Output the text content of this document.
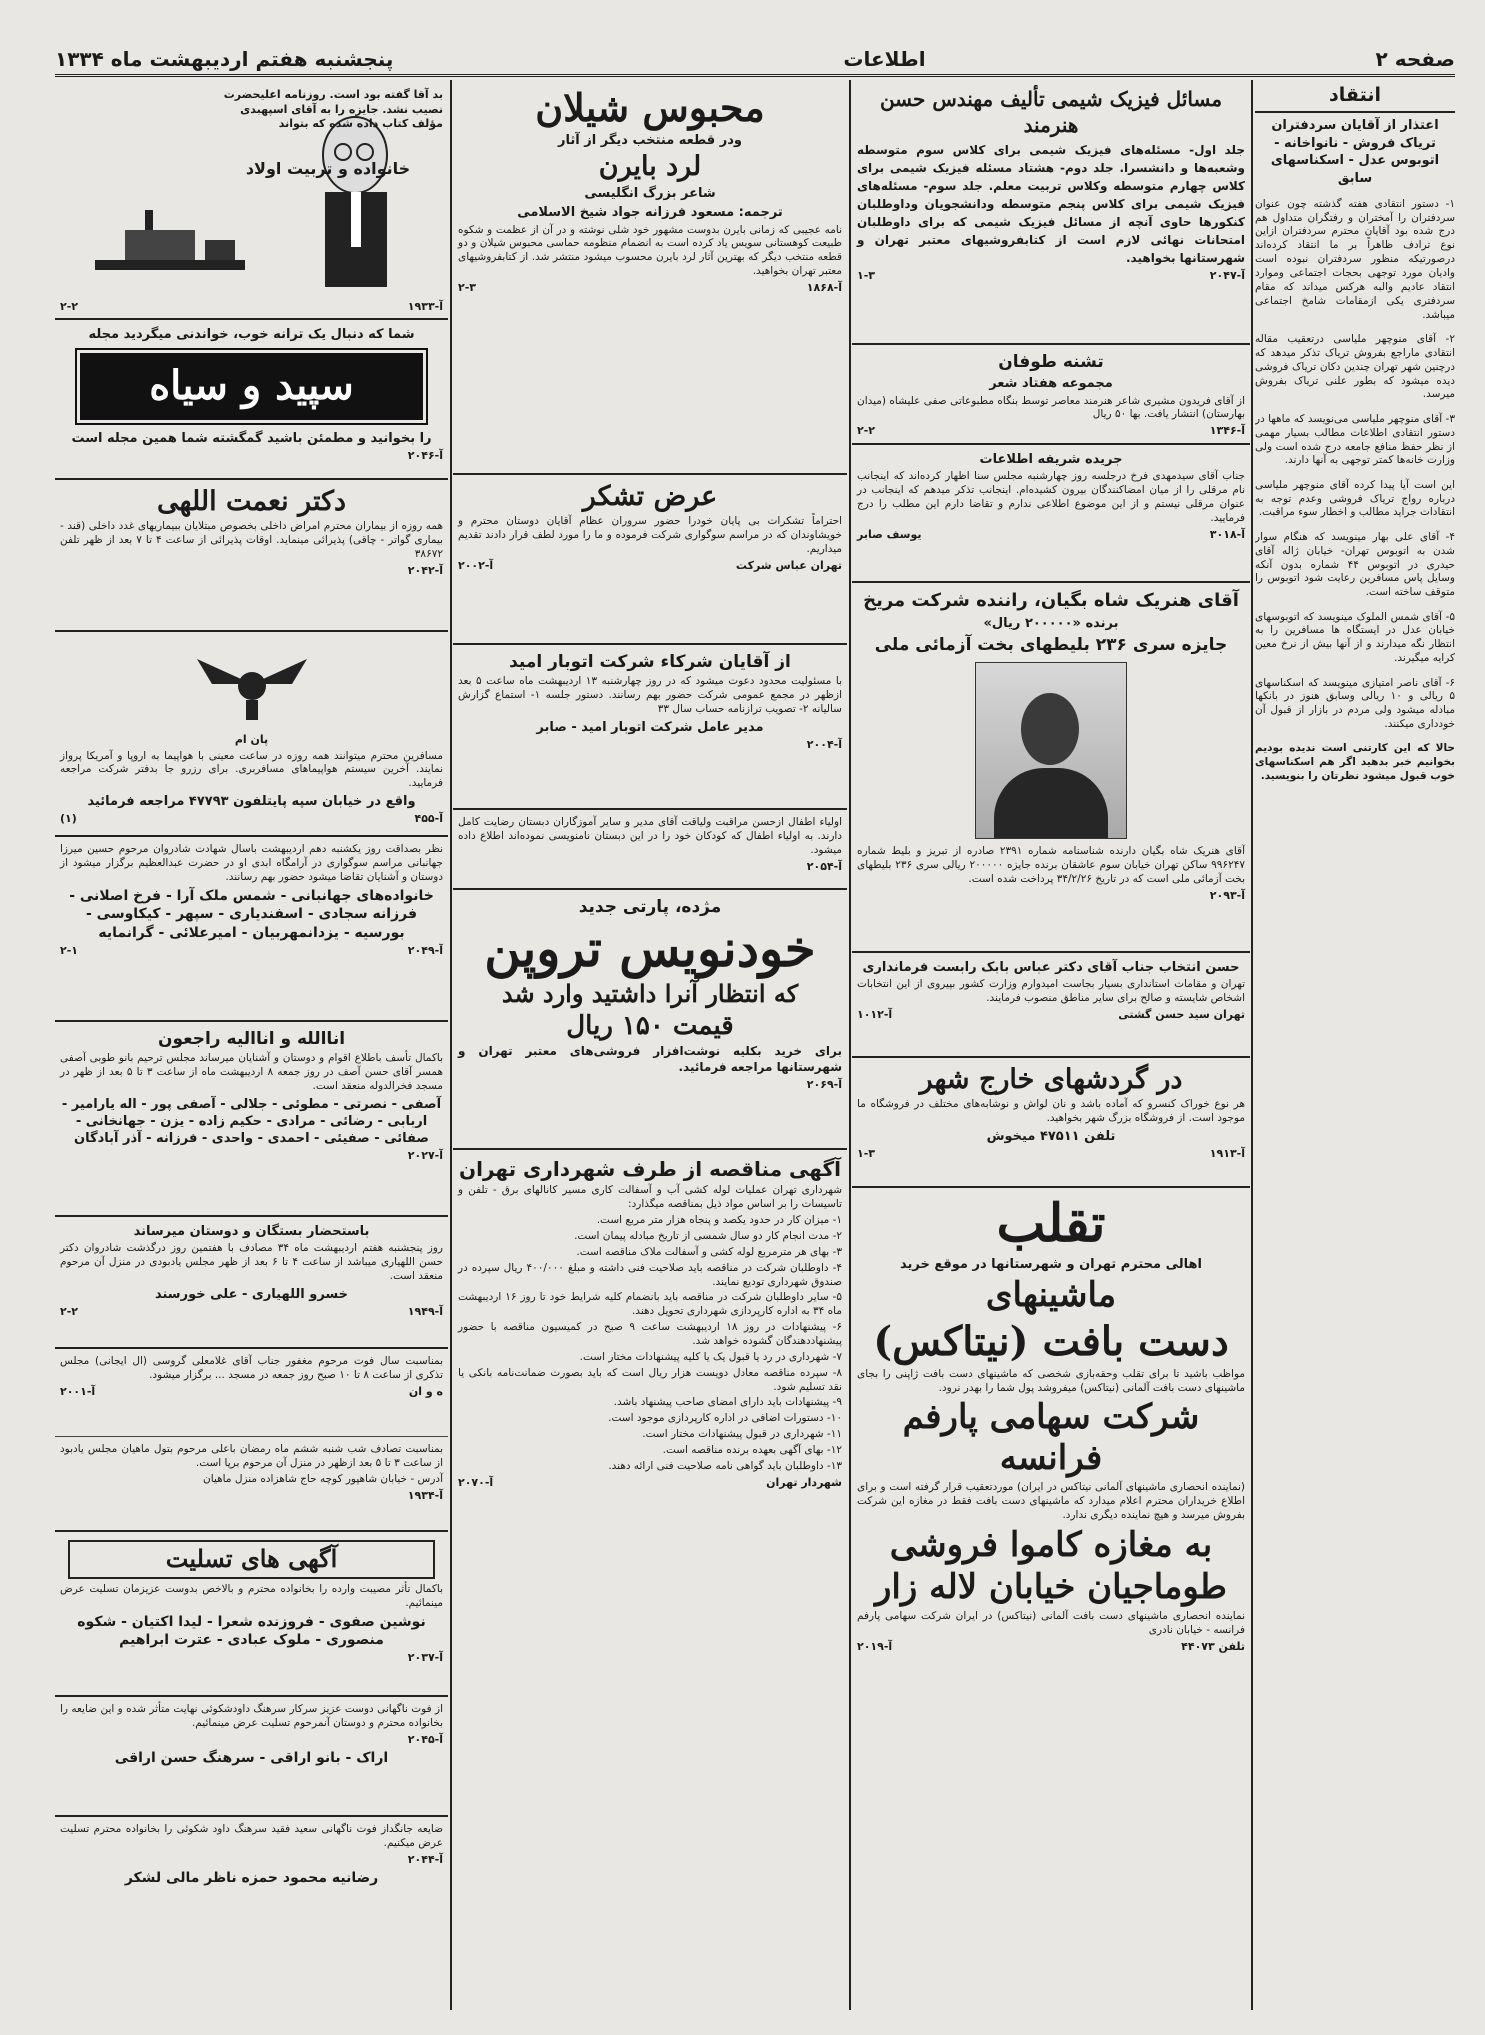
صفحه ۲
اطلاعات
پنجشنبه هفتم اردیبهشت ماه ۱۳۳۴
انتقاد
اعتذار از آقایان سردفتران تریاک فروش - نانواخانه - اتوبوس عدل - اسکناسهای سابق

۱- دستور انتقادی هفته گذشته چون عنوان سردفتران را آمختران و رفتگران متداول هم درج شده بود آقایان محترم سردفتران ازاین نوع ترادف ظاهراً بر ما انتقاد کرده‌اند درصورتیکه منظور سردفتران نبوده است وادیان مورد توجهی بحجات اجتماعی وموارد انتقاد عادیم والبه هرکس میداند که مقام سردفتری یکی ازمقامات شامخ اجتماعی میباشد.

۲- آقای منوچهر ملیاسی درتعقیب مقاله انتقادی ماراجع بفروش تریاک تذکر میدهد که درچنین شهر تهران چندین دکان تریاک فروشی دیده میشود که بطور علنی تریاک بفروش میرسد.

۳- آقای منوچهر ملیاسی می‌نویسد که ماهها در دستور انتقادی اطلاعات مطالب بسیار مهمی از نظر حفظ منافع جامعه درج شده است ولی وزارت خانه‌ها کمتر توجهی به آنها دارند.

این است آیا پیدا کرده آقای منوچهر ملیاسی درباره رواج تریاک فروشی وعدم توجه به انتقادات جراید مطالب و اخطار سوء مراقبت.

۴- آقای علی بهار مینویسد که هنگام سوار شدن به اتوبوس تهران- خیابان ژاله آقای حیدری در اتوبوس ۴۴ شماره بدون آنکه وسایل پاس مسافرین رعایت شود اتوبوس را متوقف ساخته است.

۵- آقای شمس الملوک مینویسد که اتوبوسهای خیابان عدل در ایستگاه ها مسافرین را به انتظار نگه میدارند و از آنها بیش از نرخ معین کرایه میگیرند.

۶- آقای ناصر امتیازی مینویسد که اسکناسهای ۵ ریالی و ۱۰ ریالی وسابق هنوز در بانکها مبادله میشود ولی مردم در بازار از قبول آن خودداری میکنند.

حالا که این کارتنی است ندیده بودیم بخوانیم خبر بدهید اگر هم اسکناسهای خوب قبول میشود نظرتان را بنویسید.

مسائل فیزیک شیمی تألیف مهندس حسن هنرمند

جلد اول- مسئله‌های فیزیک شیمی برای کلاس سوم متوسطه وشعبه‌ها و دانشسرا. جلد دوم- هشتاد مسئله فیزیک شیمی برای کلاس چهارم متوسطه وکلاس تربیت معلم. جلد سوم- مسئله‌های فیزیک شیمی برای کلاس پنجم متوسطه ودانشجویان وداوطلبان کنکورها حاوی آنچه از مسائل فیزیک شیمی که برای داوطلبان امتحانات نهائی لازم است از کتابفروشیهای معتبر تهران و شهرستانها بخواهید.

۱-۳	آ-۲۰۴۷
تشنه طوفان
مجموعه هفتاد شعر

از آقای فریدون مشیری شاعر هنرمند معاصر توسط بنگاه مطبوعاتی صفی علیشاه (میدان بهارستان) انتشار یافت. بها ۵۰ ریال

۲-۲	آ-۱۳۴۶
جریده شریفه اطلاعات

جناب آقای سیدمهدی فرخ درجلسه روز چهارشنبه مجلس سنا اظهار کرده‌اند که اینجانب نام مرقلی را از میان امضاکنندگان بیرون کشیده‌ام. اینجانب تذکر میدهم که اینجانب در عنوان مرقلی نیستم و از این موضوع اطلاعی ندارم و تقاضا دارم این مطلب را درج فرمایید.

یوسف صابر	آ-۳۰۱۸
آقای هنریک شاه بگیان، راننده شرکت مریخ
برنده «۲۰۰۰۰۰ ریال»
جایزه سری ۲۳۶ بلیطهای بخت آزمائی ملی

آقای هنریک شاه بگیان دارنده شناسنامه شماره ۲۳۹۱ صادره از تبریز و بلیط شماره ۹۹۶۲۴۷ ساکن تهران خیابان سوم عاشقان برنده جایزه ۲۰۰۰۰۰ ریالی سری ۲۳۶ بلیطهای بخت آزمائی ملی است که در تاریخ ۳۴/۲/۲۶ پرداخت شده است.

آ-۲۰۹۳
حسن انتخاب جناب آقای دکتر عباس بابک رابست فرمانداری

تهران و مقامات استانداری بسیار بجاست امیدوارم وزارت کشور بپیروی از این انتخابات اشخاص شایسته و صالح برای سایر مناطق منصوب فرمایند.

آ-۱۰۱۲	تهران سید حسن گشتی
در گردشهای خارج شهر

هر نوع خوراک کنسرو که آماده باشد و نان لواش و نوشابه‌های مختلف در فروشگاه ما موجود است. از فروشگاه بزرگ شهر بخواهید.

تلفن ۴۷۵۱۱ میخوش
۱-۳	آ-۱۹۱۳
تقلب
اهالی محترم تهران و شهرستانها در موقع خرید
ماشینهای
دست بافت (نیتاکس)

مواظب باشید تا برای تقلب وحقه‌بازی شخصی که ماشینهای دست بافت ژاپنی را بجای ماشینهای دست بافت آلمانی (نیتاکس) میفروشد پول شما را بهدر نرود.

شرکت سهامی پارفم فرانسه

(نماینده انحصاری ماشینهای آلمانی نیتاکس در ایران) موردتعقیب قرار گرفته است و برای اطلاع خریداران محترم اعلام میدارد که ماشینهای دست بافت فقط در مغازه این شرکت بفروش میرسد و هیچ نماینده دیگری ندارد.

به مغازه کاموا فروشی
طوماجیان خیابان لاله زار

نماینده انحصاری ماشینهای دست بافت آلمانی (نیتاکس) در ایران شرکت سهامی پارفم فرانسه - خیابان نادری

آ-۲۰۱۹	تلفن ۴۴۰۷۳
محبوس شیلان
ودر قطعه منتخب دیگر از آثار
لرد بایرن
شاعر بزرگ انگلیسی
ترجمه: مسعود فرزانه جواد شیخ الاسلامی

نامه عجیبی که زمانی بایرن بدوست مشهور خود شلی نوشته و در آن از عظمت و شکوه طبیعت کوهستانی سویس یاد کرده است به انضمام منظومه حماسی محبوس شیلان و دو قطعه منتخب دیگر که بهترین آثار لرد بایرن محسوب میشود منتشر شد. از کتابفروشیهای معتبر تهران بخواهید.

۲-۳	آ-۱۸۶۸
عرض تشکر

احتراماً تشکرات بی پایان خودرا حضور سروران عظام آقایان دوستان محترم و خویشاوندان که در مراسم سوگواری شرکت فرموده و ما را مورد لطف قرار دادند تقدیم میداریم.

آ-۲۰۰۲	تهران عباس شرکت
از آقایان شرکاء شرکت اتوبار امید

با مسئولیت محدود دعوت میشود که در روز چهارشنبه ۱۳ اردیبهشت ماه ساعت ۵ بعد ازظهر در مجمع عمومی شرکت حضور بهم رسانند. دستور جلسه ۱- استماع گزارش سالیانه ۲- تصویب ترازنامه حساب سال ۳۳

مدیر عامل شرکت اتوبار امید - صابر
آ-۲۰۰۴

اولیاء اطفال ازحسن مراقبت ولیاقت آقای مدیر و سایر آموزگاران دبستان رضایت کامل دارند. به اولیاء اطفال که کودکان خود را در این دبستان نامنویسی نموده‌اند اطلاع داده میشود.

آ-۲۰۵۴
مژده، پارتی جدید
خودنویس تروپن
که انتظار آنرا داشتید وارد شد
قیمت ۱۵۰ ریال

برای خرید بکلیه نوشت‌افزار فروشی‌های معتبر تهران و شهرستانها مراجعه فرمائید.

آ-۲۰۶۹
آگهی مناقصه از طرف شهرداری تهران

شهرداری تهران عملیات لوله کشی آب و آسفالت کاری مسیر کانالهای برق - تلفن و تاسیسات را بر اساس مواد ذیل بمناقصه میگذارد:

۱- میزان کار در حدود یکصد و پنجاه هزار متر مربع است.

۲- مدت انجام کار دو سال شمسی از تاریخ مبادله پیمان است.

۳- بهای هر مترمربع لوله کشی و آسفالت ملاک مناقصه است.

۴- داوطلبان شرکت در مناقصه باید صلاحیت فنی داشته و مبلغ ۴۰۰/۰۰۰ ریال سپرده در صندوق شهرداری تودیع نمایند.

۵- سایر داوطلبان شرکت در مناقصه باید بانضمام کلیه شرایط خود تا روز ۱۶ اردیبهشت ماه ۳۴ به اداره کارپردازی شهرداری تحویل دهند.

۶- پیشنهادات در روز ۱۸ اردیبهشت ساعت ۹ صبح در کمیسیون مناقصه با حضور پیشنهاددهندگان گشوده خواهد شد.

۷- شهرداری در رد یا قبول یک یا کلیه پیشنهادات مختار است.

۸- سپرده مناقصه معادل دویست هزار ریال است که باید بصورت ضمانت‌نامه بانکی یا نقد تسلیم شود.

۹- پیشنهادات باید دارای امضای صاحب پیشنهاد باشد.

۱۰- دستورات اضافی در اداره کارپردازی موجود است.

۱۱- شهرداری در قبول پیشنهادات مختار است.

۱۲- بهای آگهی بعهده برنده مناقصه است.

۱۳- داوطلبان باید گواهی نامه صلاحیت فنی ارائه دهند.

آ-۲۰۷۰	شهردار تهران
بد آقا گفته بود است. روزنامه اعلیحضرت نصیب نشد. جایزه را به آقای اسپهبدی مؤلف کتاب داده شده که بتواند
خانواده و تربیت اولاد
۲-۲	آ-۱۹۳۳
شما که دنبال یک ترانه خوب، خواندنی میگردید مجله
سپید و سیاه
را بخوانید و مطمئن باشید گمگشته شما همین مجله است
آ-۲۰۴۶
دکتر نعمت اللهی

همه روزه از بیماران محترم امراض داخلی بخصوص مبتلایان ببیماریهای غدد داخلی (قند - بیماری گواتر - چاقی) پذیرائی مینماید. اوقات پذیرائی از ساعت ۴ تا ۷ بعد از ظهر تلفن ۳۸۶۷۲

آ-۲۰۴۲
پان ام

مسافرین محترم میتوانند همه روزه در ساعت معینی با هواپیما به اروپا و آمریکا پرواز نمایند. آخرین سیستم هواپیماهای مسافربری. برای رزرو جا بدفتر شرکت مراجعه فرمایید.

واقع در خیابان سپه پایتلفون ۴۷۷۹۳ مراجعه فرمائید
(۱)	آ-۴۵۵

نظر بصداقت روز یکشنبه دهم اردیبهشت باسال شهادت شادروان مرحوم حسین میرزا جهانبانی مراسم سوگواری در آرامگاه ابدی او در حضرت عبدالعظیم برگزار میشود از دوستان و آشنایان تقاضا میشود حضور بهم رسانند.

خانواده‌های جهانبانی - شمس ملک آرا - فرخ اصلانی - فرزانه سجادی - اسفندیاری - سپهر - کیکاوسی - بورسیه - یزدانمهربیان - امیرعلائی - گرانمایه
۲-۱	آ-۲۰۴۹
اناالله و اناالیه راجعون

باکمال تأسف باطلاع اقوام و دوستان و آشنایان میرساند مجلس ترحیم بانو طوبی آصفی همسر آقای حسن آصف در روز جمعه ۸ اردیبهشت ماه از ساعت ۳ تا ۵ بعد از ظهر در مسجد فخرالدوله منعقد است.

آصفی - نصرتی - مطوئی - جلالی - آصفی پور - اله یارامیر - اربابی - رضائی - مرادی - حکیم زاده - یزن - جهانخانی - صفائی - صفیئی - احمدی - واحدی - فرزانه - آذر آبادگان
آ-۲۰۲۷
باستحضار بستگان و دوستان میرساند

روز پنجشنبه هفتم اردیبهشت ماه ۳۴ مصادف با هفتمین روز درگذشت شادروان دکتر حسن اللهیاری میباشد از ساعت ۴ تا ۶ بعد از ظهر مجلس یادبودی در منزل آن مرحوم منعقد است.

خسرو اللهیاری - علی خورسند
۲-۲	آ-۱۹۴۹

بمناسبت سال فوت مرحوم مغفور جناب آقای غلامعلی گروسی (ال ایجانی) مجلس تذکری از ساعت ۸ تا ۱۰ صبح روز جمعه در مسجد ... برگزار میشود.

آ-۲۰۰۱	ه و ان

بمناسبت تصادف شب شنبه ششم ماه رمضان باعلی مرحوم بتول ماهیان مجلس یادبود از ساعت ۳ تا ۵ بعد ازظهر در منزل آن مرحوم برپا است.

آدرس - خیابان شاهپور کوچه حاج شاهزاده منزل ماهیان

آ-۱۹۳۴
آگهی های تسلیت

باکمال تأثر مصیبت وارده را بخانواده محترم و بالاخص بدوست عزیزمان تسلیت عرض مینمائیم.

نوشین صفوی - فروزنده شعرا - لیدا اکتیان - شکوه منصوری - ملوک عبادی - عترت ابراهیم
آ-۲۰۳۷

از فوت ناگهانی دوست عزیز سرکار سرهنگ داودشکوئی نهایت متأثر شده و این ضایعه را بخانواده محترم و دوستان آنمرحوم تسلیت عرض مینمائیم.

آ-۲۰۴۵
اراک - بانو اراقی - سرهنگ حسن اراقی

ضایعه جانگداز فوت ناگهانی سعید فقید سرهنگ داود شکوئی را بخانواده محترم تسلیت عرض میکنیم.

آ-۲۰۴۴
رضانیه محمود حمزه ناظر مالی لشکر
